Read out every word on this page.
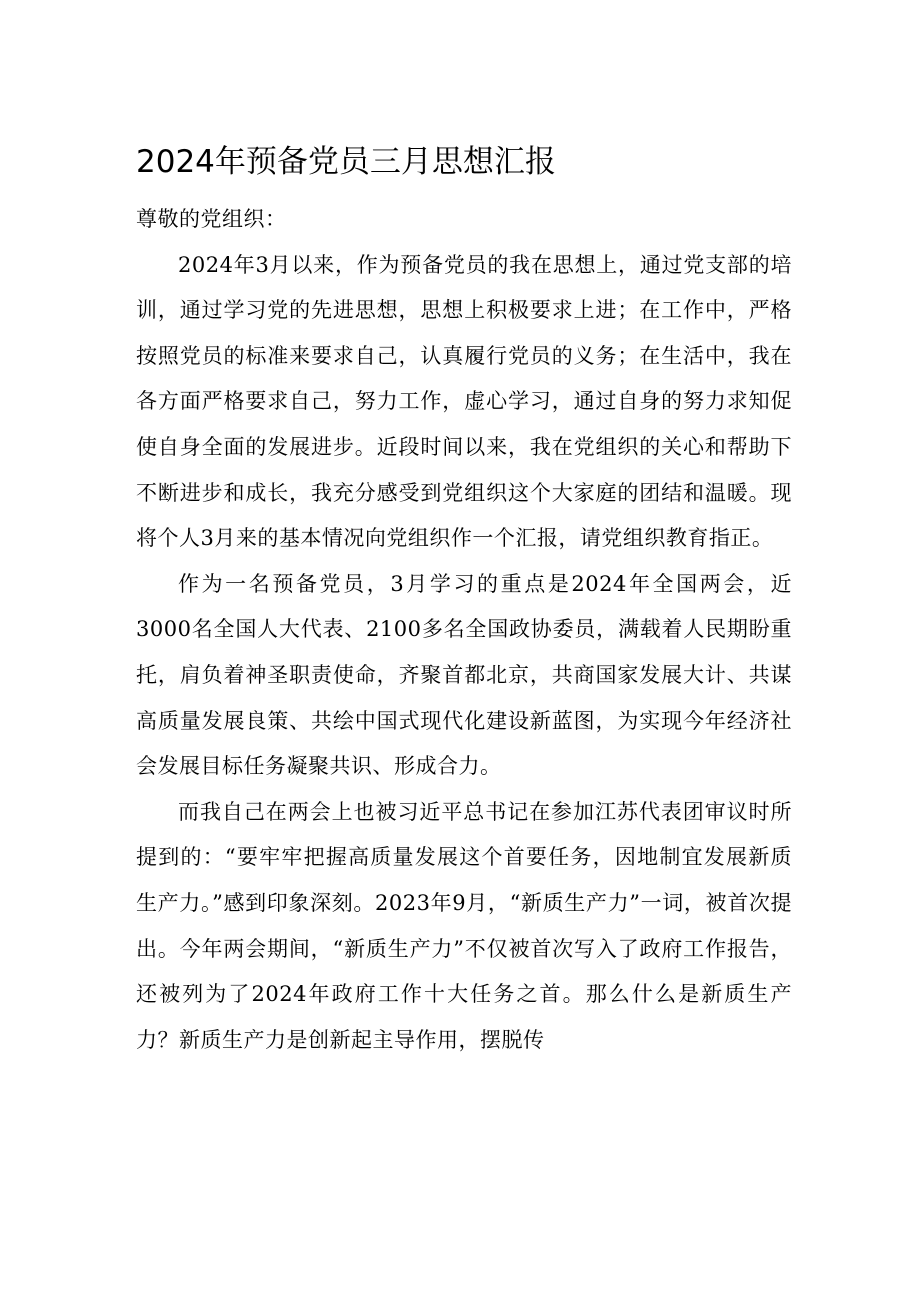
2024年预备党员三月思想汇报

尊敬的党组织：

2024年3月以来，作为预备党员的我在思想上，通过党支部的培训，通过学习党的先进思想，思想上积极要求上进；在工作中，严格按照党员的标准来要求自己，认真履行党员的义务；在生活中，我在各方面严格要求自己，努力工作，虚心学习，通过自身的努力求知促使自身全面的发展进步。近段时间以来，我在党组织的关心和帮助下不断进步和成长，我充分感受到党组织这个大家庭的团结和温暖。现将个人3月来的基本情况向党组织作一个汇报，请党组织教育指正。

作为一名预备党员，3月学习的重点是2024年全国两会，近3000名全国人大代表、2100多名全国政协委员，满载着人民期盼重托，肩负着神圣职责使命，齐聚首都北京，共商国家发展大计、共谋高质量发展良策、共绘中国式现代化建设新蓝图，为实现今年经济社会发展目标任务凝聚共识、形成合力。

而我自己在两会上也被习近平总书记在参加江苏代表团审议时所提到的：“要牢牢把握高质量发展这个首要任务，因地制宜发展新质生产力。”感到印象深刻。2023年9月，“新质生产力”一词，被首次提出。今年两会期间，“新质生产力”不仅被首次写入了政府工作报告，还被列为了2024年政府工作十大任务之首。那么什么是新质生产力？新质生产力是创新起主导作用，摆脱传
